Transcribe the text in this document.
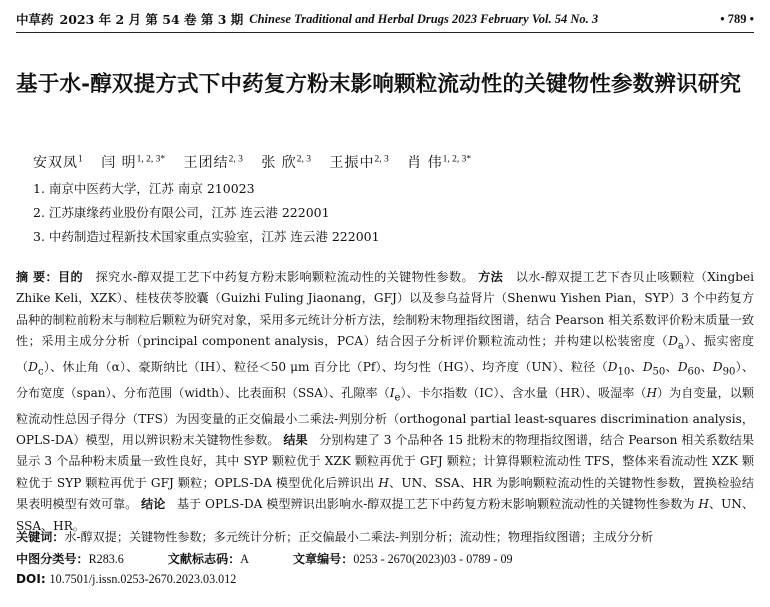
中草药 2023 年 2 月 第 54 卷 第 3 期 Chinese Traditional and Herbal Drugs 2023 February Vol. 54 No. 3	• 789 •
基于水-醇双提方式下中药复方粉末影响颗粒流动性的关键物性参数辨识研究
安双凤$^1$ 闫 明$^{1, 2, 3*}$ 王团结$^{2, 3}$ 张 欣$^{2, 3}$ 王振中$^{2, 3}$ 肖 伟$^{1, 2, 3*}$
1. 南京中医药大学，江苏 南京 210023
2. 江苏康缘药业股份有限公司，江苏 连云港 222001
3. 中药制造过程新技术国家重点实验室，江苏 连云港 222001
摘 要：目的 探究水-醇双提工艺下中药复方粉末影响颗粒流动性的关键物性参数。 方法 以水-醇双提工艺下杏贝止咳颗粒（Xingbei Zhike Keli，XZK）、桂枝茯苓胶囊（Guizhi Fuling Jiaonang，GFJ）以及参乌益肾片（Shenwu Yishen Pian，SYP）3 个中药复方品种的制粒前粉末与制粒后颗粒为研究对象，采用多元统计分析方法，绘制粉末物理指纹图谱，结合 Pearson 相关系数评价粉末质量一致性；采用主成分分析（principal component analysis，PCA）结合因子分析评价颗粒流动性；并构建以松装密度$(D_a)$、振实密度$(D_c)$、休止角（α）、豪斯纳比（IH）、粒径＜50 μm 百分比（Pf）、均匀性（HG）、均齐度（UN）、粒径（$D_{10}$、$D_{50}$、$D_{60}$、$D_{90}$）、分布宽度（span）、分布范围（width）、比表面积（SSA）、孔隙率$(I_e)$、卡尔指数（IC）、含水量（HR）、吸湿率（H）为自变量，以颗粒流动性总因子得分（TFS）为因变量的正交偏最小二乘法-判别分析（orthogonal partial least-squares discrimination analysis，OPLS-DA）模型，用以辨识粉末关键物性参数。 结果 分别构建了 3 个品种各 15 批粉末的物理指纹图谱，结合 Pearson 相关系数结果显示 3 个品种粉末质量一致性良好，其中 SYP 颗粒优于 XZK 颗粒再优于 GFJ 颗粒；计算得颗粒流动性 TFS，整体来看流动性 XZK 颗粒优于 SYP 颗粒再优于 GFJ 颗粒；OPLS-DA 模型优化后辨识出 H、UN、SSA、HR 为影响颗粒流动性的关键物性参数，置换检验结果表明模型有效可靠。 结论 基于 OPLS-DA 模型辨识出影响水-醇双提工艺下中药复方粉末影响颗粒流动性的关键物性参数为 H、UN、SSA、HR。
关键词：水-醇双提；关键物性参数；多元统计分析；正交偏最小二乘法-判别分析；流动性；物理指纹图谱；主成分分析
中图分类号：R283.6	文献标志码：A	文章编号：0253 - 2670(2023)03 - 0789 - 09
DOI: 10.7501/j.issn.0253-2670.2023.03.012
